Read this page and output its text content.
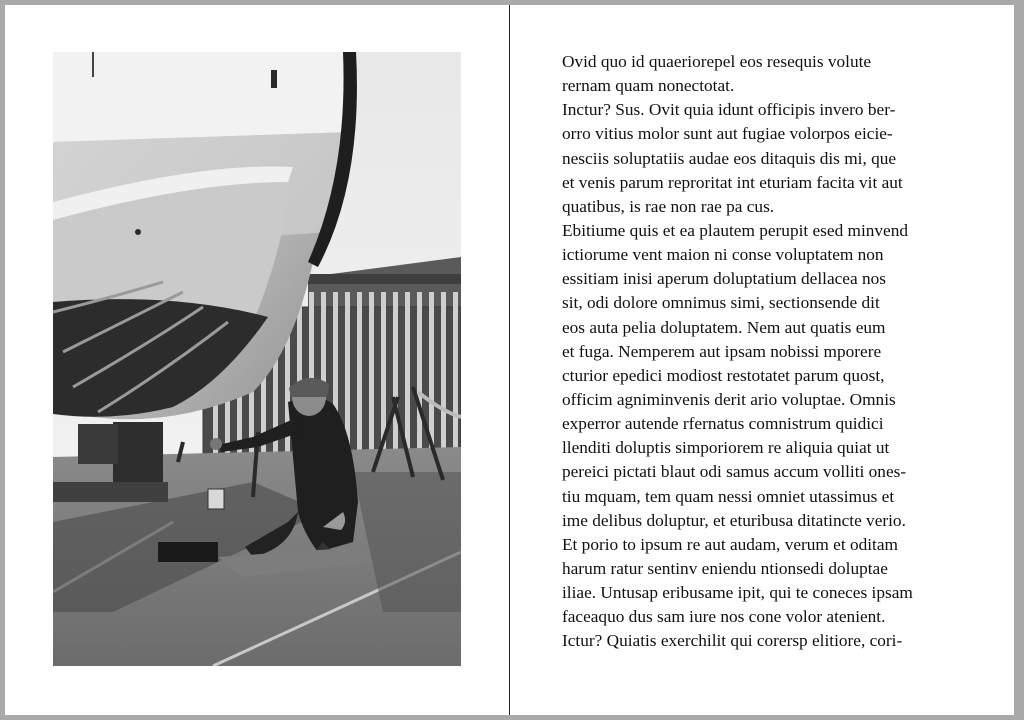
Ovid quo id quaeriorepel eos resequis volute
rernam quam nonectotat.
Inctur? Sus. Ovit quia idunt officipis invero ber-
orro vitius molor sunt aut fugiae volorpos eicie-
nesciis soluptatiis audae eos ditaquis dis mi, que
et venis parum reproritat int eturiam facita vit aut
quatibus, is rae non rae pa cus.
Ebitiume quis et ea plautem perupit esed minvend
ictiorume vent maion ni conse voluptatem non
essitiam inisi aperum doluptatium dellacea nos
sit, odi dolore omnimus simi, sectionsende dit
eos auta pelia doluptatem. Nem aut quatis eum
et fuga. Nemperem aut ipsam nobissi mporere
cturior epedici modiost restotatet parum quost,
officim agniminvenis derit ario voluptae. Omnis
experror autende rfernatus comnistrum quidici
llenditi doluptis simporiorem re aliquia quiat ut
pereici pictati blaut odi samus accum volliti ones-
tiu mquam, tem quam nessi omniet utassimus et
ime delibus doluptur, et eturibusa ditatincte verio.
Et porio to ipsum re aut audam, verum et oditam
harum ratur sentinv eniendu ntionsedi doluptae
iliae. Untusap eribusame ipit, qui te coneces ipsam
faceaquo dus sam iure nos cone volor atenient.
Ictur? Quiatis exerchilit qui corersp elitiore, cori-
